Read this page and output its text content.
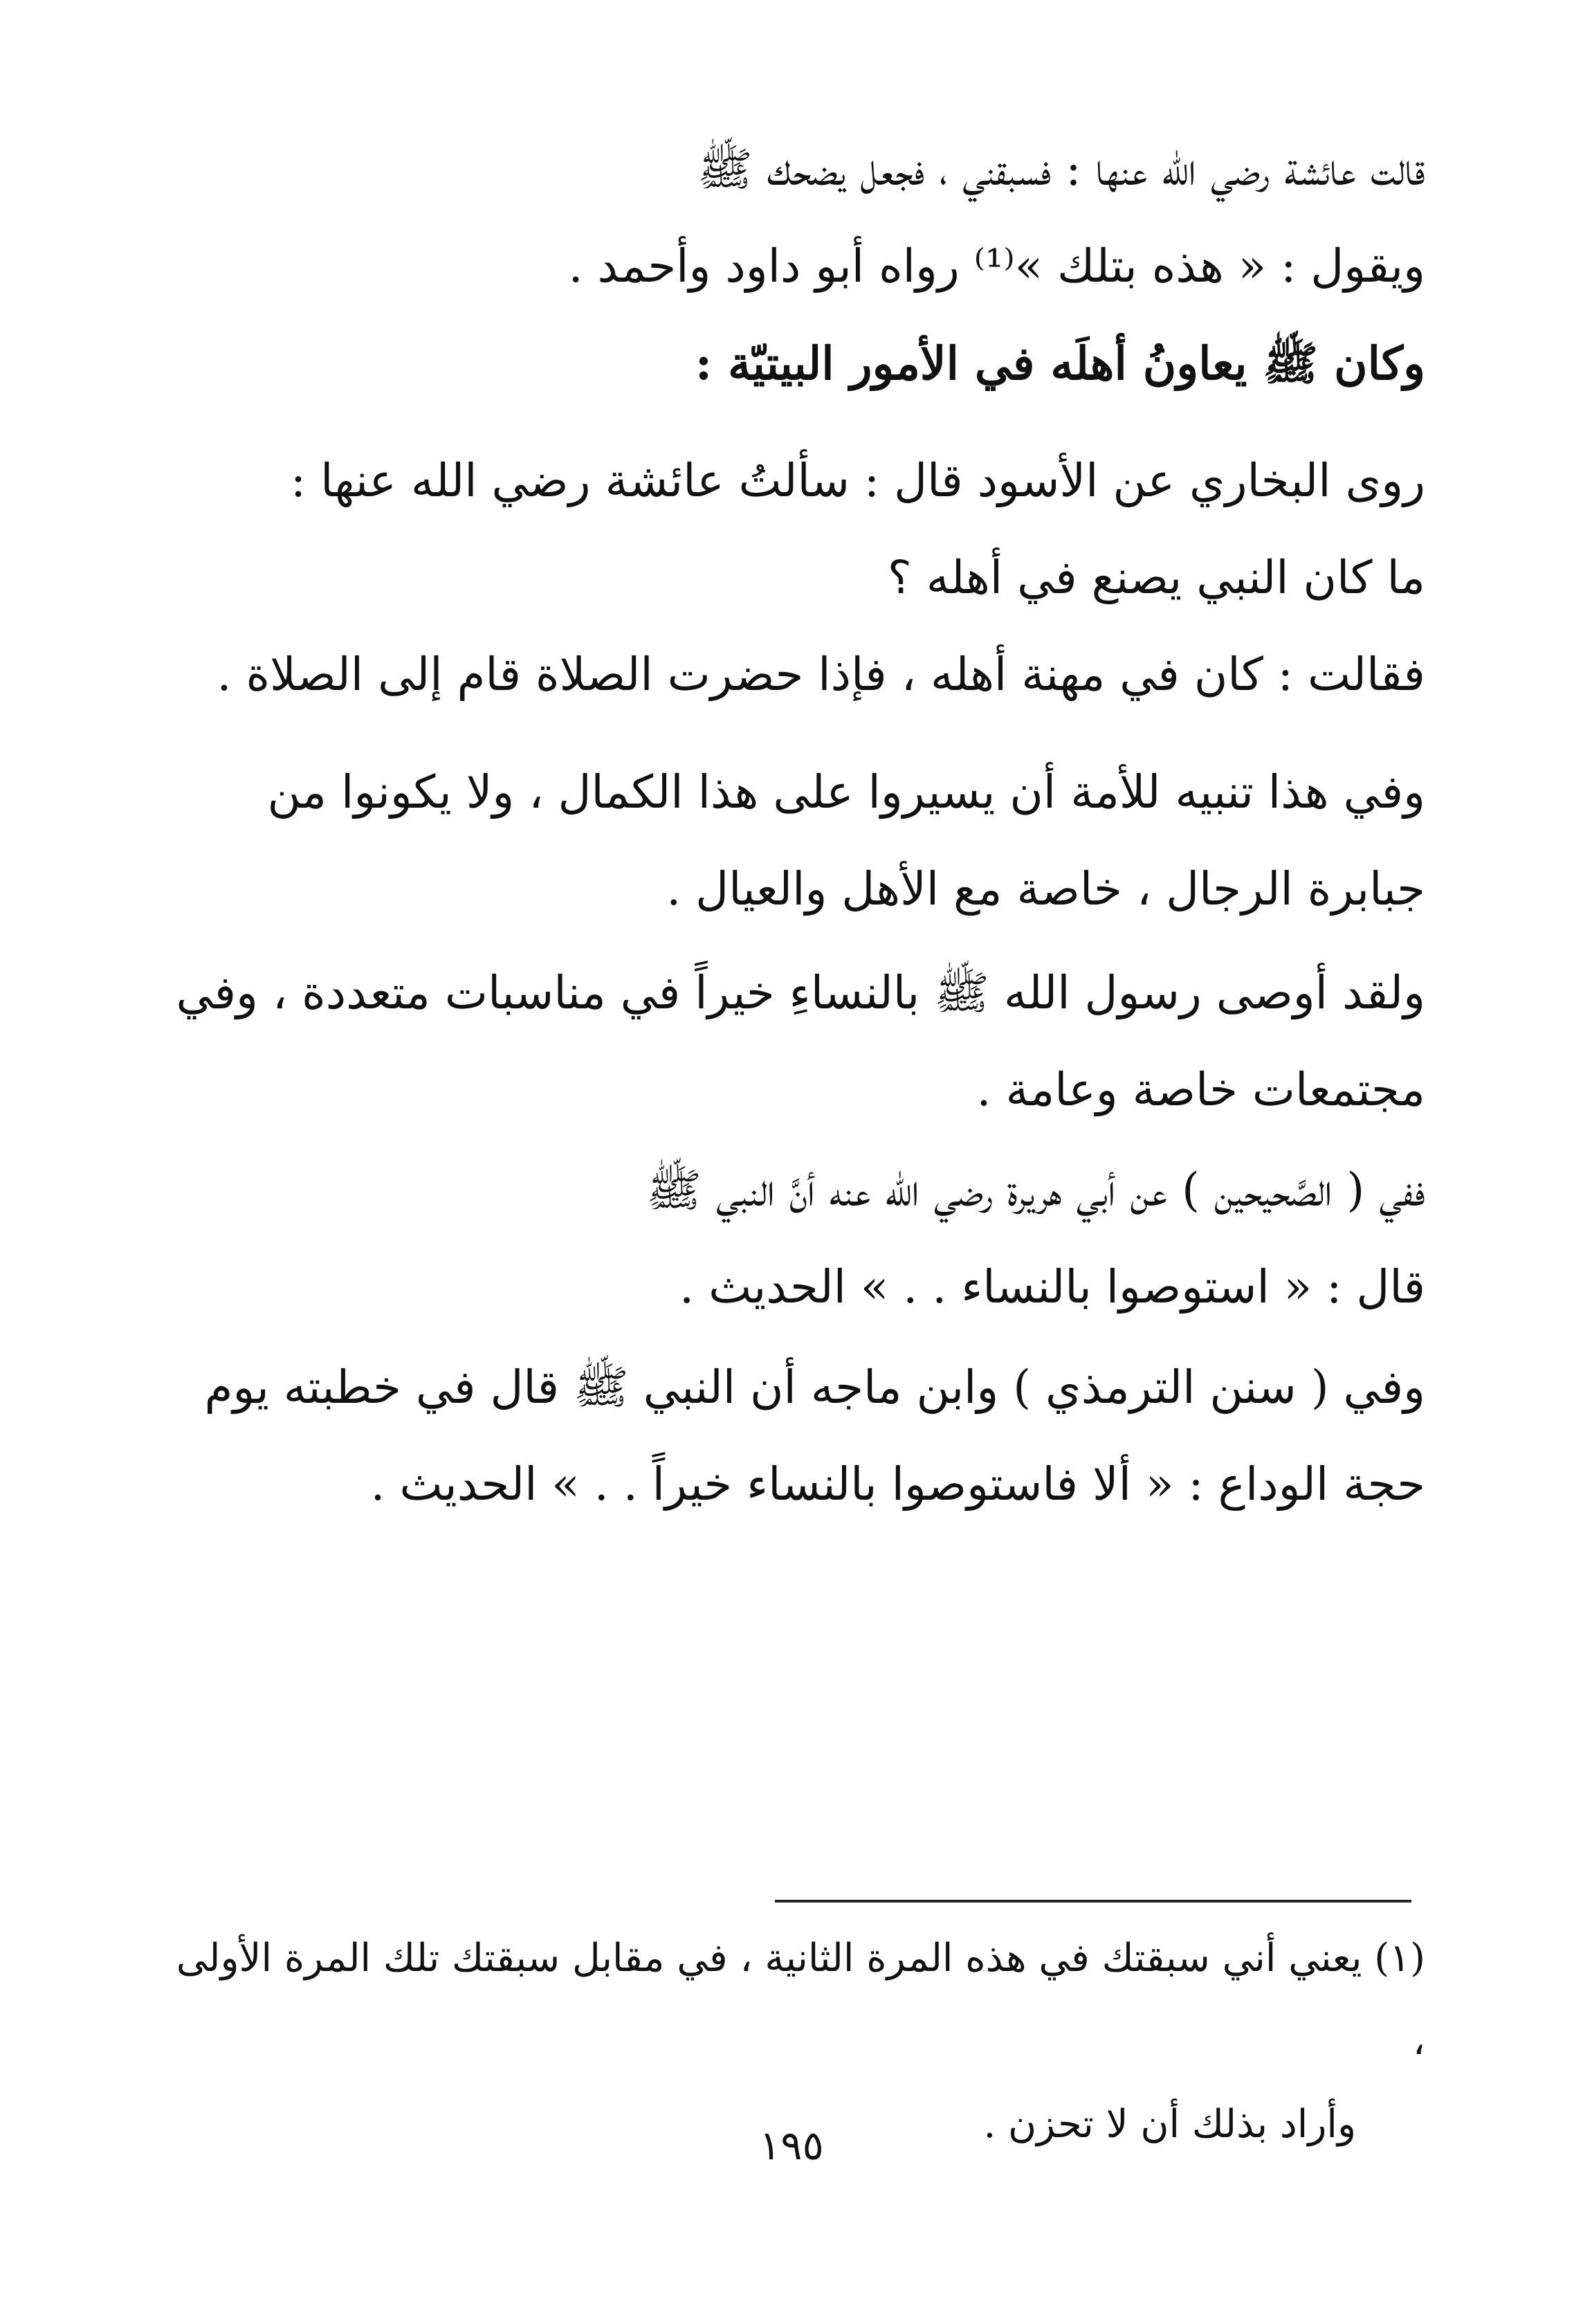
قالت عائشة رضي الله عنها : فسبقني ، فجعل يضحك ﷺ
ويقول : « هذه بتلك »⁽¹⁾ رواه أبو داود وأحمد .
وكان ﷺ يعاونُ أهلَه في الأمور البيتيّة :
روى البخاري عن الأسود قال : سألتُ عائشة رضي الله عنها :
ما كان النبي يصنع في أهله ؟
فقالت : كان في مهنة أهله ، فإذا حضرت الصلاة قام إلى الصلاة .
وفي هذا تنبيه للأمة أن يسيروا على هذا الكمال ، ولا يكونوا من
جبابرة الرجال ، خاصة مع الأهل والعيال .
ولقد أوصى رسول الله ﷺ بالنساءِ خيراً في مناسبات متعددة ، وفي
مجتمعات خاصة وعامة .
ففي ( الصَّحيحين ) عن أبي هريرة رضي الله عنه أنَّ النبي ﷺ
قال : « استوصوا بالنساء . . » الحديث .
وفي ( سنن الترمذي ) وابن ماجه أن النبي ﷺ قال في خطبته يوم
حجة الوداع : « ألا فاستوصوا بالنساء خيراً . . » الحديث .
(١) يعني أني سبقتك في هذه المرة الثانية ، في مقابل سبقتك تلك المرة الأولى ،
وأراد بذلك أن لا تحزن .
١٩٥
